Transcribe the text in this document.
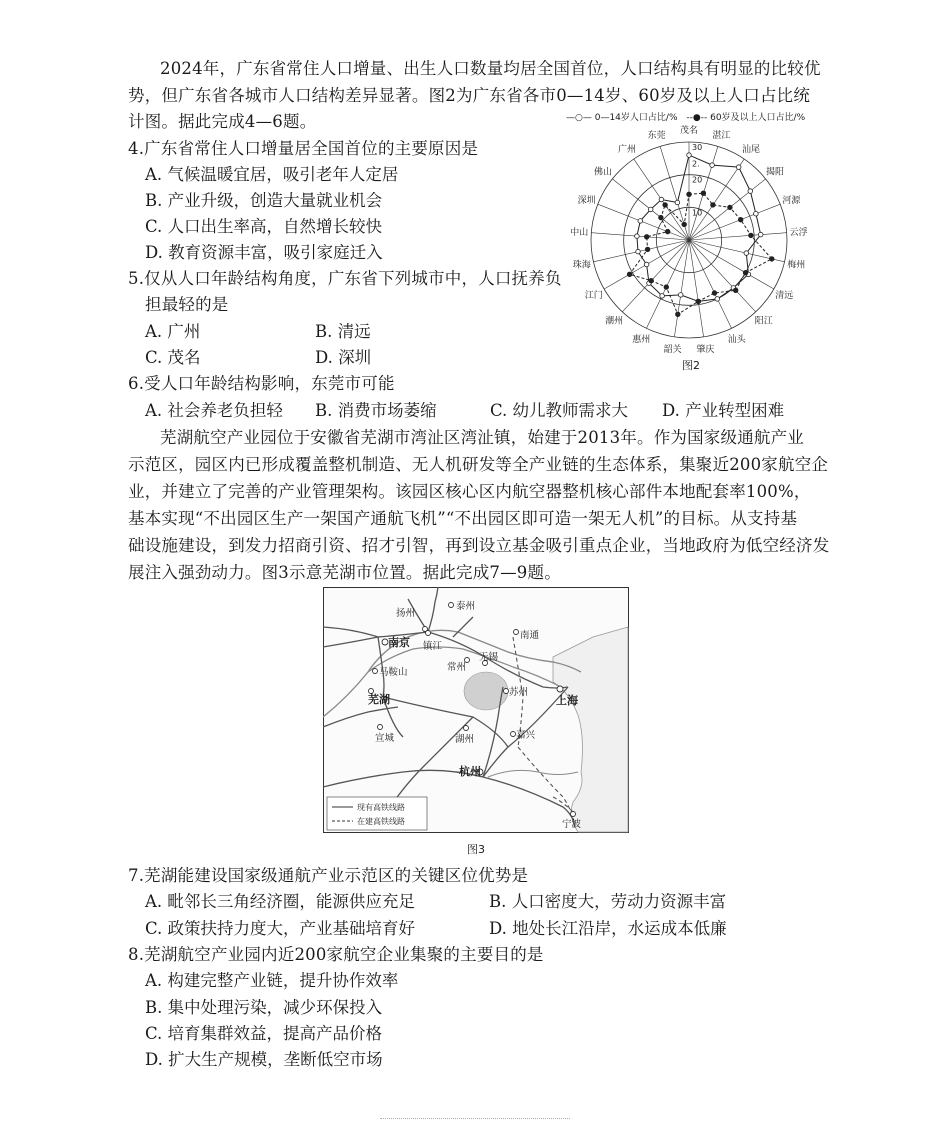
2024年，广东省常住人口增量、出生人口数量均居全国首位，人口结构具有明显的比较优
势，但广东省各城市人口结构差异显著。图2为广东省各市0—14岁、60岁及以上人口占比统
计图。据此完成4—6题。	—○— 0—14岁人口占比/% --●-- 60岁及以上人口占比/%
4.广东省常住人口增量居全国首位的主要原因是
A. 气候温暖宜居，吸引老年人定居
B. 产业升级，创造大量就业机会
C. 人口出生率高，自然增长较快
D. 教育资源丰富，吸引家庭迁入
5.仅从人口年龄结构角度，广东省下列城市中，人口抚养负
担最轻的是
A. 广州	B. 清远
C. 茂名	D. 深圳
6.受人口年龄结构影响，东莞市可能
A. 社会养老负担轻 B. 消费市场萎缩	C. 幼儿教师需求大 D. 产业转型困难
10
20
2.
30
茂名 湛江
汕尾
揭阳
河源
云浮
梅州
清远
阳江
汕头
肇庆
韶关
惠州
潮州
江门
珠海
中山
深圳
佛山
广州
东莞
图2
芜湖航空产业园位于安徽省芜湖市湾沚区湾沚镇，始建于2013年。作为国家级通航产业
示范区，园区内已形成覆盖整机制造、无人机研发等全产业链的生态体系，集聚近200家航空企
业，并建立了完善的产业管理架构。该园区核心区内航空器整机核心部件本地配套率100%，
基本实现“不出园区生产一架国产通航飞机”“不出园区即可造一架无人机”的目标。从支持基
础设施建设，到发力招商引资、招才引智，再到设立基金吸引重点企业，当地政府为低空经济发
展注入强劲动力。图3示意芜湖市位置。据此完成7—9题。
扬州
泰州
南京 镇江
南通
常州
无锡
马鞍山
芜湖
苏州
上海
宣城	湖州	嘉兴
杭州
宁波
现有高铁线路
在建高铁线路
图3
7.芜湖能建设国家级通航产业示范区的关键区位优势是
A. 毗邻长三角经济圈，能源供应充足	B. 人口密度大，劳动力资源丰富
C. 政策扶持力度大，产业基础培育好	D. 地处长江沿岸，水运成本低廉
8.芜湖航空产业园内近200家航空企业集聚的主要目的是
A. 构建完整产业链，提升协作效率
B. 集中处理污染，减少环保投入
C. 培育集群效益，提高产品价格
D. 扩大生产规模，垄断低空市场
